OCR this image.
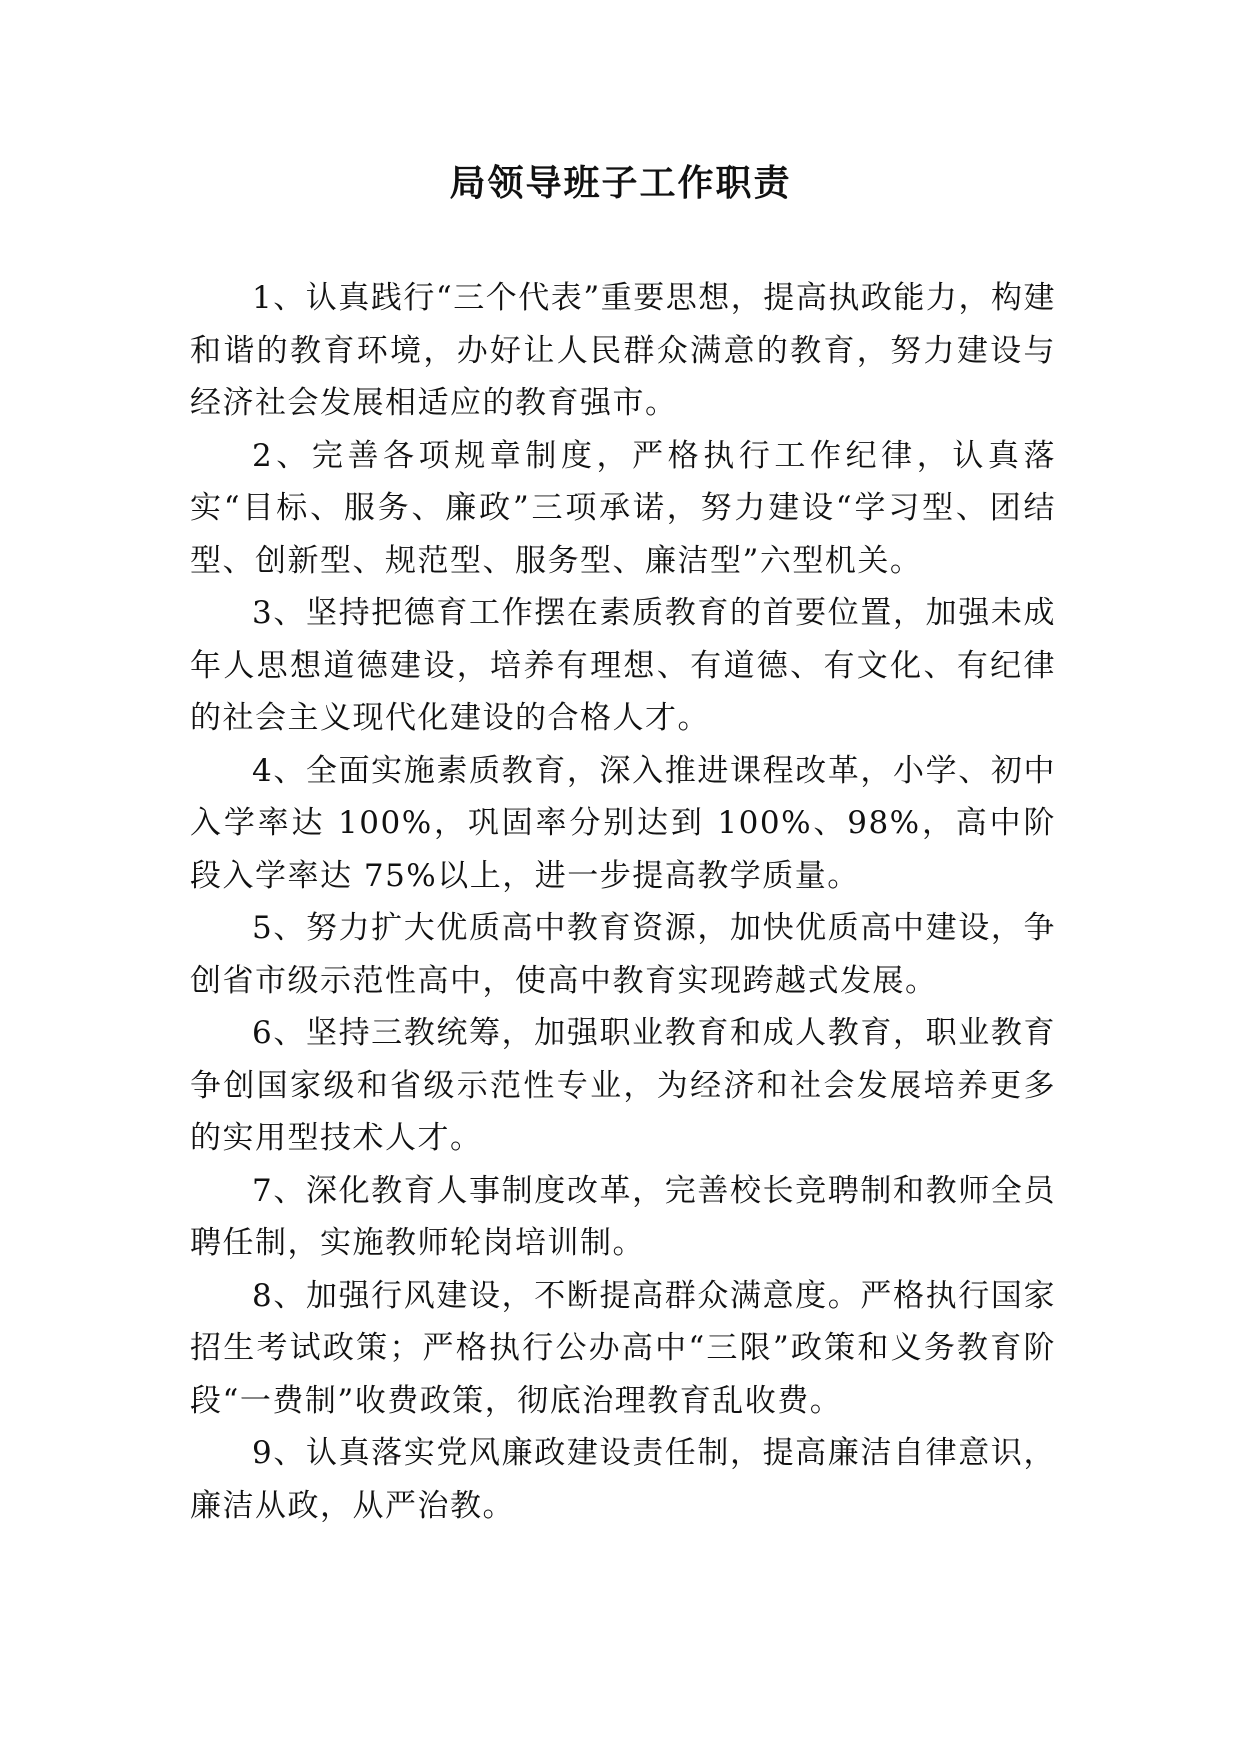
局领导班子工作职责

1、认真践行“三个代表”重要思想，提高执政能力，构建和谐的教育环境，办好让人民群众满意的教育，努力建设与经济社会发展相适应的教育强市。

2、完善各项规章制度，严格执行工作纪律，认真落实“目标、服务、廉政”三项承诺，努力建设“学习型、团结型、创新型、规范型、服务型、廉洁型”六型机关。

3、坚持把德育工作摆在素质教育的首要位置，加强未成年人思想道德建设，培养有理想、有道德、有文化、有纪律的社会主义现代化建设的合格人才。

4、全面实施素质教育，深入推进课程改革，小学、初中入学率达 100%，巩固率分别达到 100%、98%，高中阶段入学率达 75%以上，进一步提高教学质量。

5、努力扩大优质高中教育资源，加快优质高中建设，争创省市级示范性高中，使高中教育实现跨越式发展。

6、坚持三教统筹，加强职业教育和成人教育，职业教育争创国家级和省级示范性专业，为经济和社会发展培养更多的实用型技术人才。

7、深化教育人事制度改革，完善校长竞聘制和教师全员聘任制，实施教师轮岗培训制。

8、加强行风建设，不断提高群众满意度。严格执行国家招生考试政策；严格执行公办高中“三限”政策和义务教育阶段“一费制”收费政策，彻底治理教育乱收费。

9、认真落实党风廉政建设责任制，提高廉洁自律意识，廉洁从政，从严治教。
